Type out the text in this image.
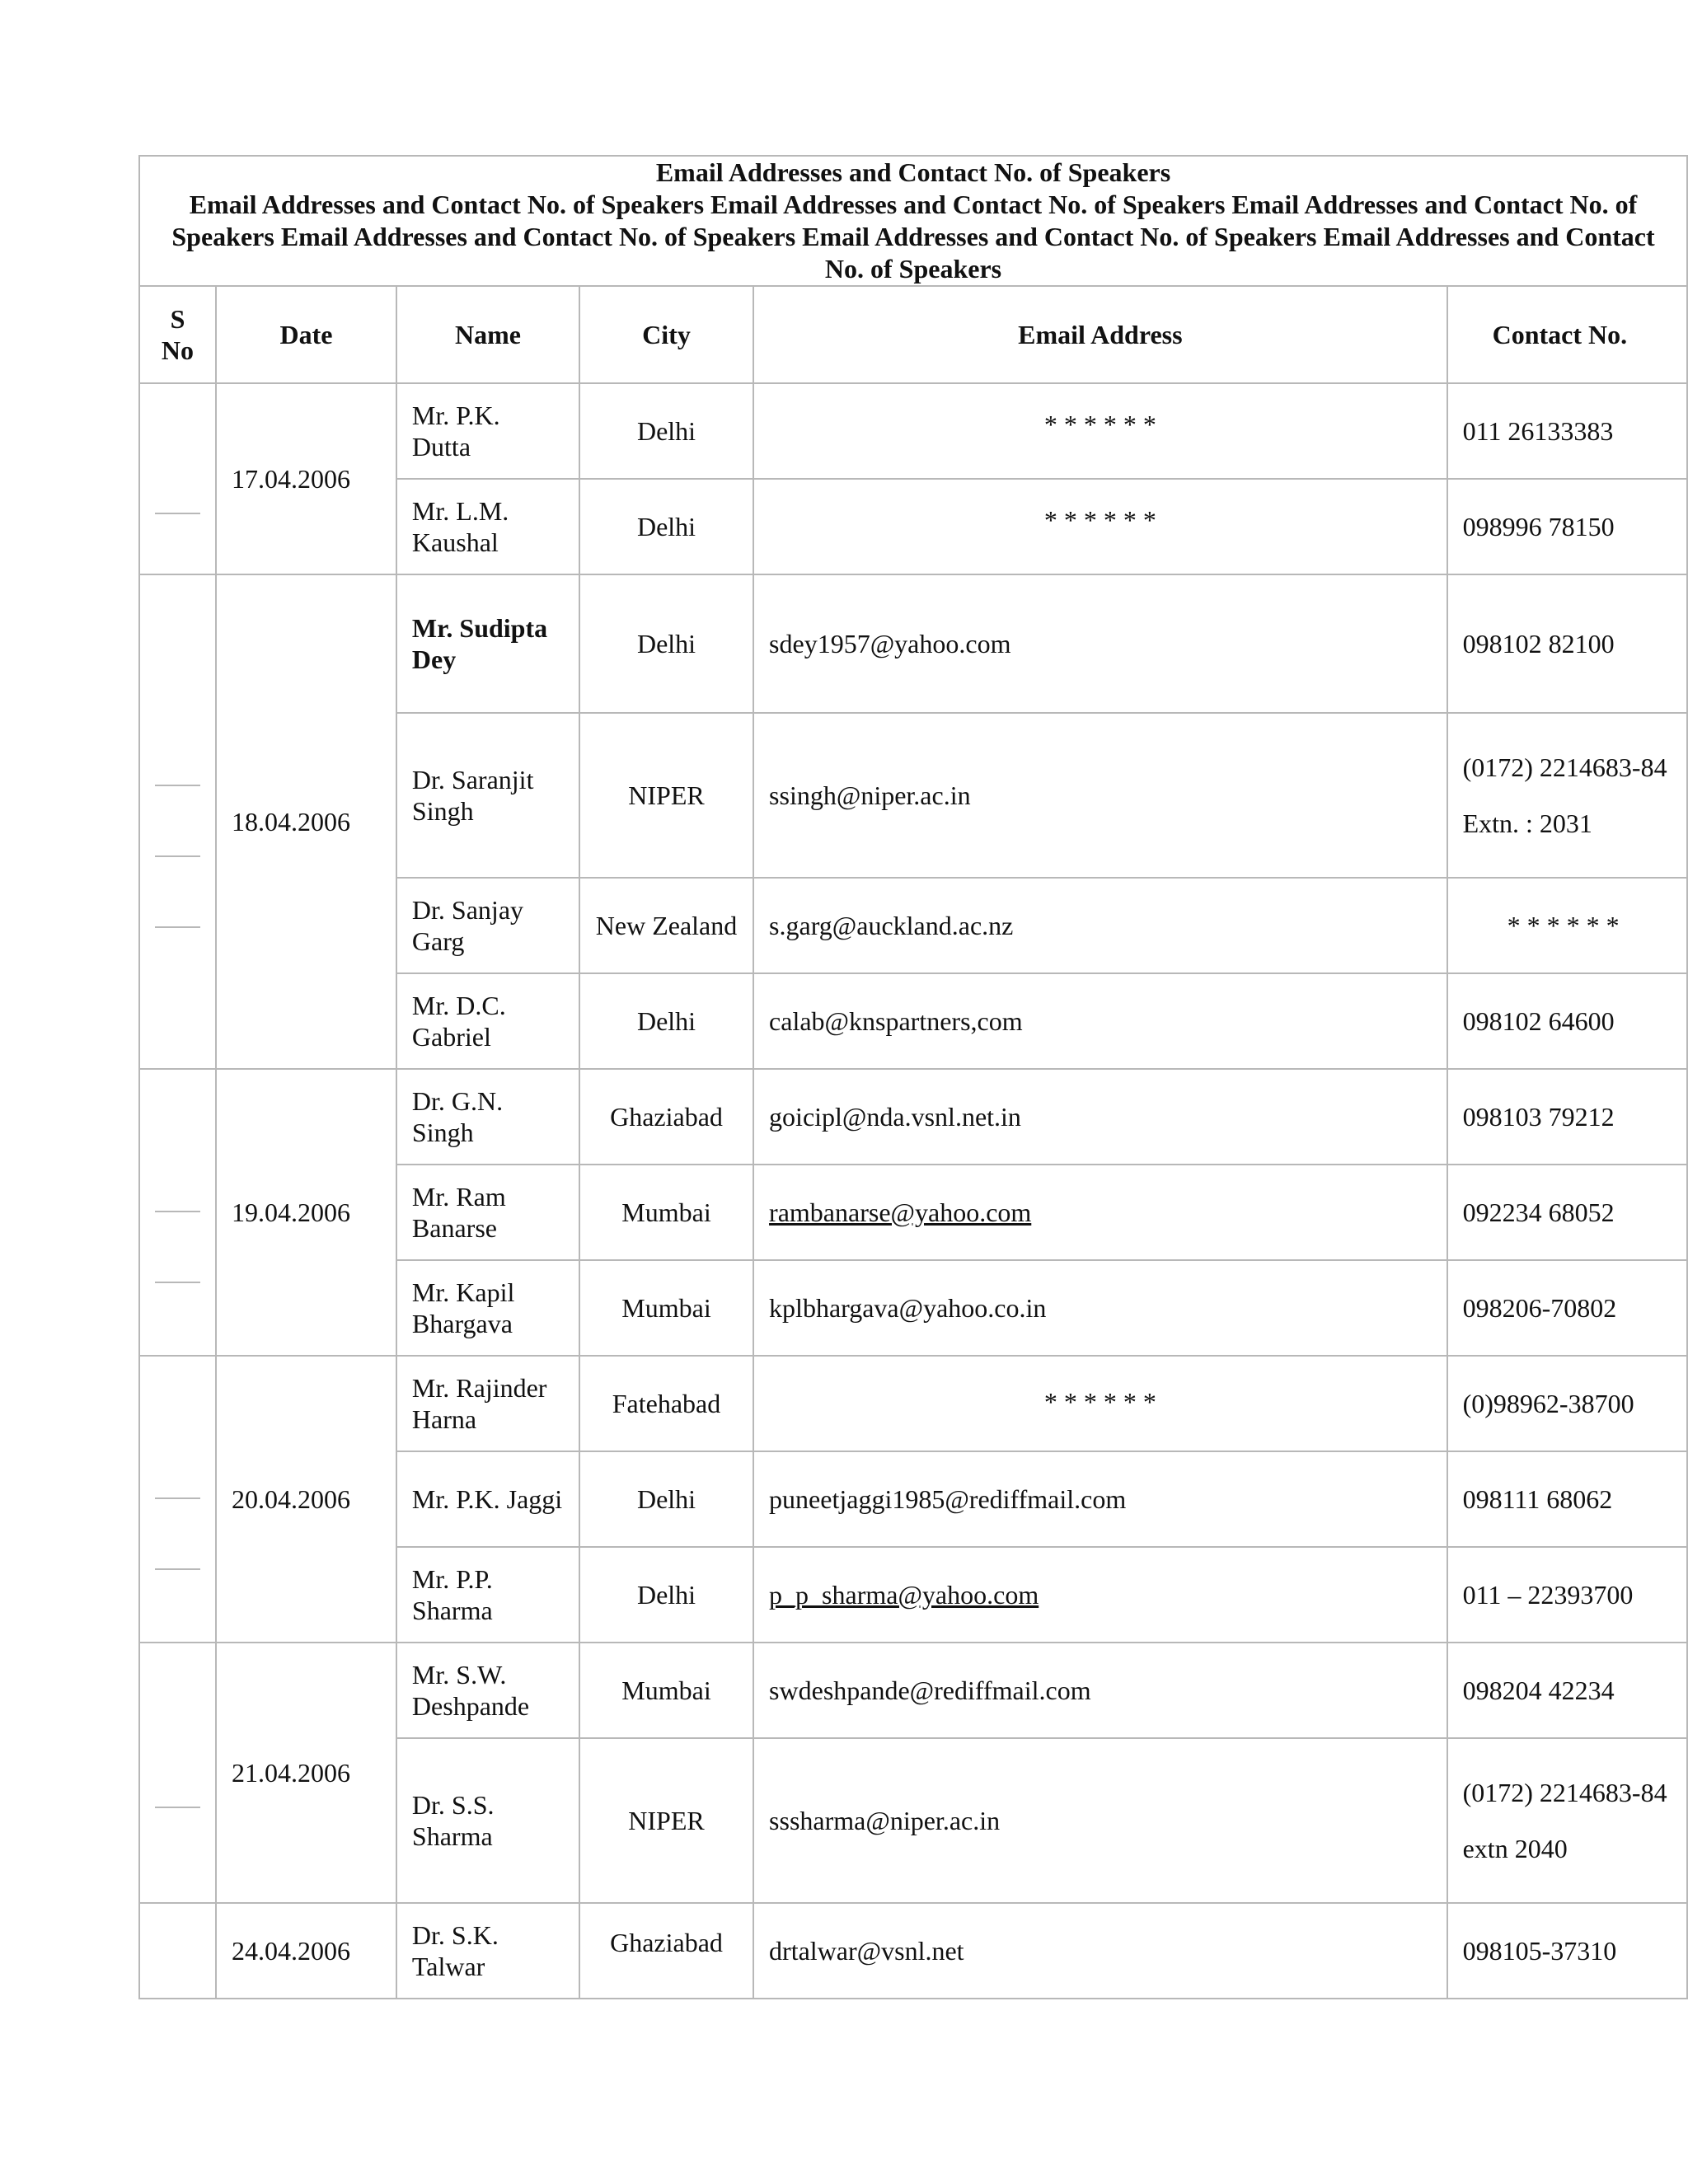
Email Addresses and Contact No. of Speakers
Email Addresses and Contact No. of Speakers Email Addresses and Contact No. of Speakers Email Addresses and Contact No. of
Speakers Email Addresses and Contact No. of Speakers Email Addresses and Contact No. of Speakers Email Addresses and Contact No. of Speakers					

S No	Date	Name	City	Email Address	Contact No.

	17.04.2006	Mr. P.K. Dutta	Delhi	* * * * * *	011 26133383
		Mr. L.M. Kaushal	Delhi	* * * * * *	098996 78150

	18.04.2006	Mr. Sudipta Dey	Delhi	sdey1957@yahoo.com	098102 82100
		Dr. Saranjit Singh	NIPER	ssingh@niper.ac.in	(0172) 2214683-84
Extn. : 2031

		Dr. Sanjay Garg	New Zealand	s.garg@auckland.ac.nz	* * * * * *
		Mr. D.C. Gabriel	Delhi	calab@knspartners,com	098102 64600

	19.04.2006	Dr. G.N. Singh	Ghaziabad	goicipl@nda.vsnl.net.in	098103 79212
		Mr. Ram Banarse	Mumbai	rambanarse@yahoo.com	092234 68052
		Mr. Kapil Bhargava	Mumbai	kplbhargava@yahoo.co.in	098206-70802

	20.04.2006	Mr. Rajinder Harna	Fatehabad	* * * * * *	(0)98962-38700
		Mr. P.K. Jaggi	Delhi	puneetjaggi1985@rediffmail.com	098111 68062
		Mr. P.P. Sharma	Delhi	p_p_sharma@yahoo.com	011 – 22393700

	21.04.2006	Mr. S.W. Deshpande	Mumbai	swdeshpande@rediffmail.com	098204 42234
		Dr. S.S. Sharma	NIPER	sssharma@niper.ac.in	(0172) 2214683-84
extn 2040

	24.04.2006	Dr. S.K. Talwar	Ghaziabad	drtalwar@vsnl.net	098105-37310
